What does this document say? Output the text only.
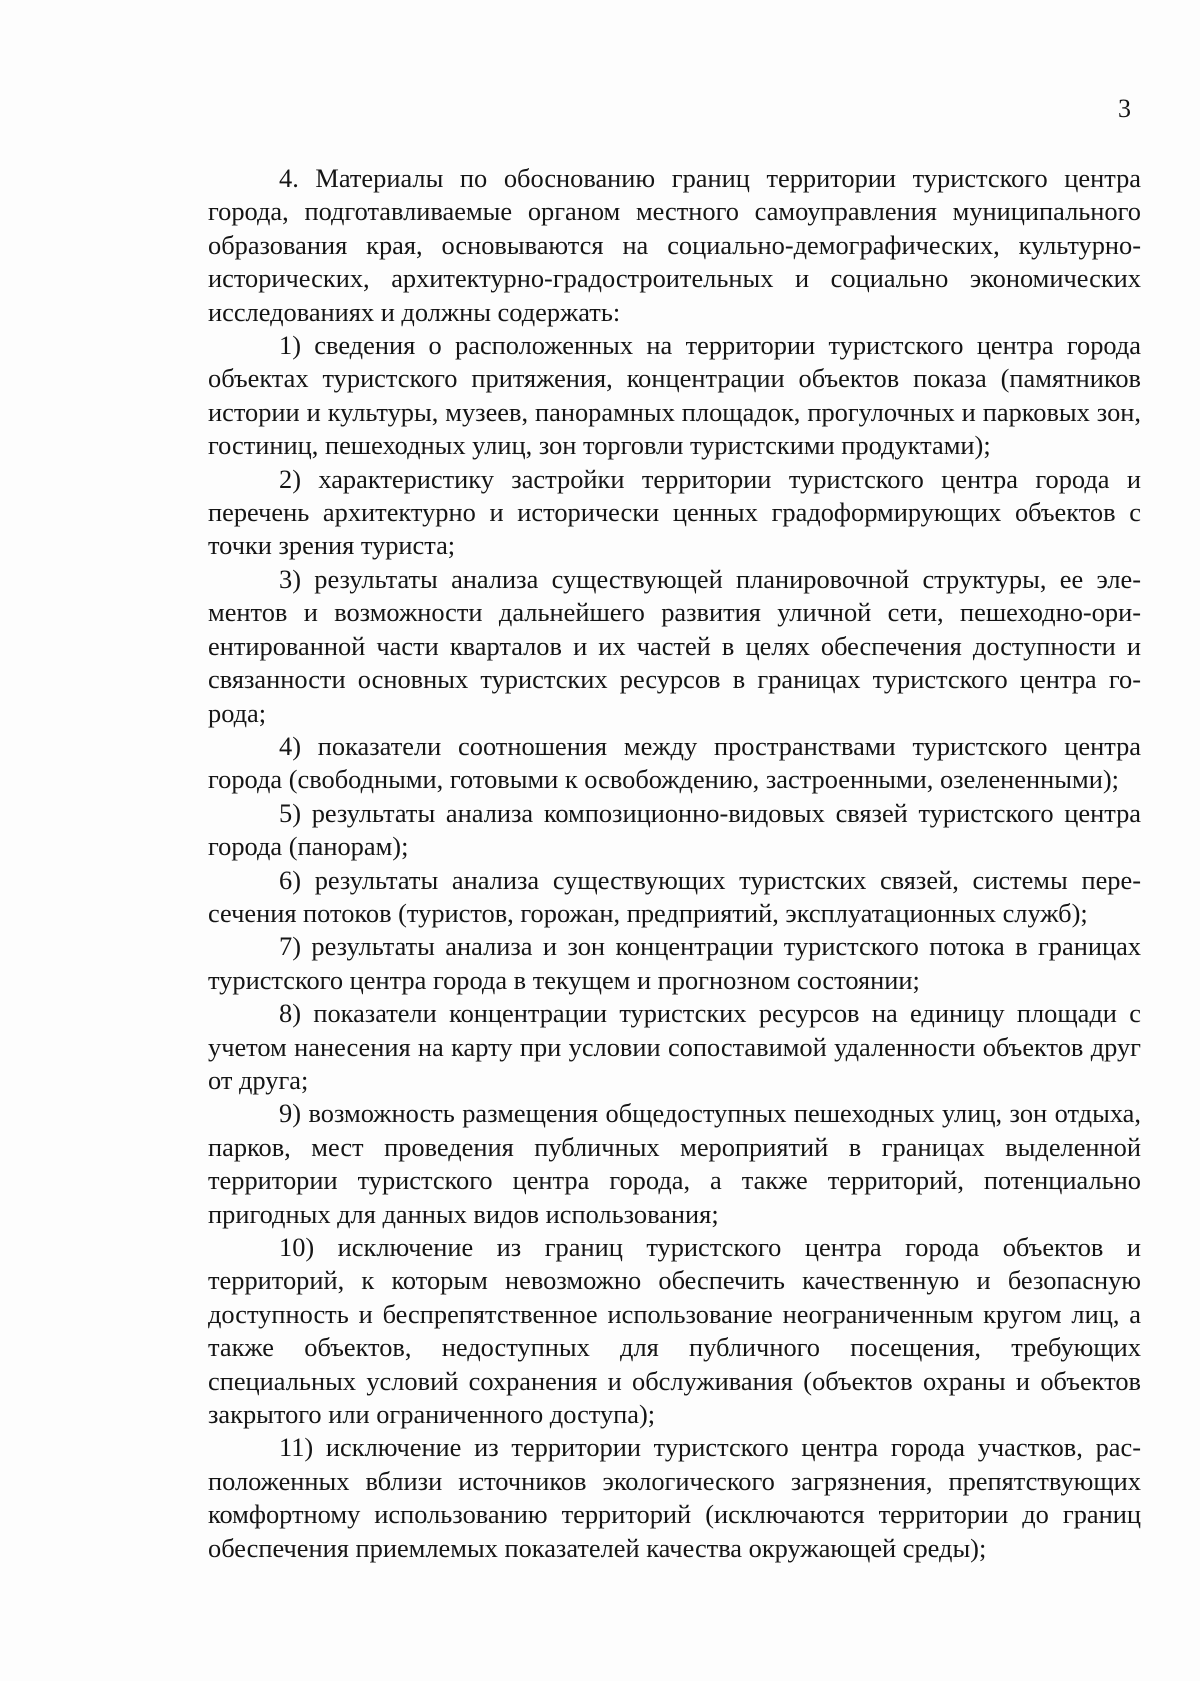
3

4. Материалы по обоснованию границ территории туристского центра города, подготавливаемые органом местного самоуправления муниципального образования края, основываются на социально-демографических, культурно-исторических, архитектурно-градостроительных и социально экономических исследованиях и должны содержать:

1) сведения о расположенных на территории туристского центра города объектах туристского притяжения, концентрации объектов показа (памятников истории и культуры, музеев, панорамных площадок, прогулочных и парковых зон, гостиниц, пешеходных улиц, зон торговли туристскими продуктами);

2) характеристику застройки территории туристского центра города и перечень архитектурно и исторически ценных градоформирующих объектов с точки зрения туриста;

3) результаты анализа существующей планировочной структуры, ее элементов и возможности дальнейшего развития уличной сети, пешеходно-ориентированной части кварталов и их частей в целях обеспечения доступности и связанности основных туристских ресурсов в границах туристского центра города;

4) показатели соотношения между пространствами туристского центра города (свободными, готовыми к освобождению, застроенными, озелененными);

5) результаты анализа композиционно-видовых связей туристского центра города (панорам);

6) результаты анализа существующих туристских связей, системы пересечения потоков (туристов, горожан, предприятий, эксплуатационных служб);

7) результаты анализа и зон концентрации туристского потока в границах туристского центра города в текущем и прогнозном состоянии;

8) показатели концентрации туристских ресурсов на единицу площади с учетом нанесения на карту при условии сопоставимой удаленности объектов друг от друга;

9) возможность размещения общедоступных пешеходных улиц, зон отдыха, парков, мест проведения публичных мероприятий в границах выделенной территории туристского центра города, а также территорий, потенциально пригодных для данных видов использования;

10) исключение из границ туристского центра города объектов и территорий, к которым невозможно обеспечить качественную и безопасную доступность и беспрепятственное использование неограниченным кругом лиц, а также объектов, недоступных для публичного посещения, требующих специальных условий сохранения и обслуживания (объектов охраны и объектов закрытого или ограниченного доступа);

11) исключение из территории туристского центра города участков, расположенных вблизи источников экологического загрязнения, препятствующих комфортному использованию территорий (исключаются территории до границ обеспечения приемлемых показателей качества окружающей среды);
